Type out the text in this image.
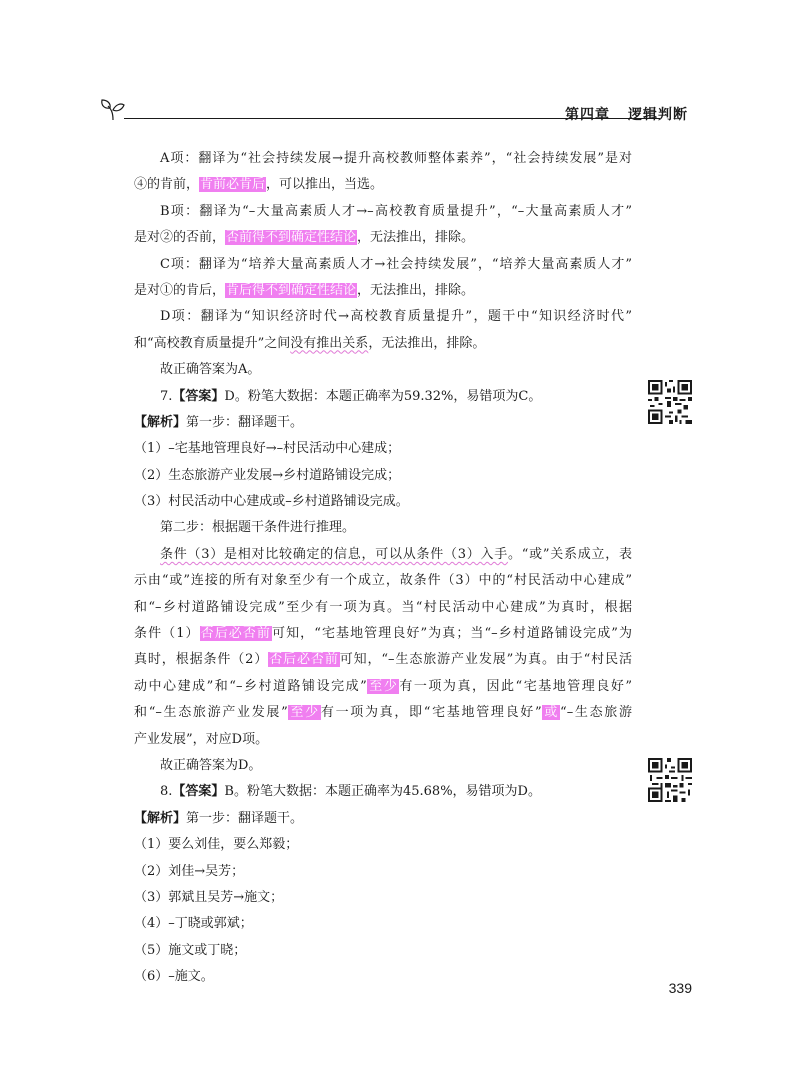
第四章 逻辑判断
A项：翻译为“社会持续发展→提升高校教师整体素养”，“社会持续发展”是对
④的肯前，肯前必肯后，可以推出，当选。
B项：翻译为“–大量高素质人才→–高校教育质量提升”，“–大量高素质人才”
是对②的否前，否前得不到确定性结论，无法推出，排除。
C项：翻译为“培养大量高素质人才→社会持续发展”，“培养大量高素质人才”
是对①的肯后，肯后得不到确定性结论，无法推出，排除。
D项：翻译为“知识经济时代→高校教育质量提升”，题干中“知识经济时代”
和“高校教育质量提升”之间没有推出关系，无法推出，排除。
故正确答案为A。
7.【答案】D。粉笔大数据：本题正确率为59.32%，易错项为C。
【解析】第一步：翻译题干。
（1）–宅基地管理良好→–村民活动中心建成；
（2）生态旅游产业发展→乡村道路铺设完成；
（3）村民活动中心建成或–乡村道路铺设完成。
第二步：根据题干条件进行推理。
条件（3）是相对比较确定的信息，可以从条件（3）入手。“或”关系成立，表
示由“或”连接的所有对象至少有一个成立，故条件（3）中的“村民活动中心建成”
和“–乡村道路铺设完成”至少有一项为真。当“村民活动中心建成”为真时，根据
条件（1）否后必否前可知，“宅基地管理良好”为真；当“–乡村道路铺设完成”为
真时，根据条件（2）否后必否前可知，“–生态旅游产业发展”为真。由于“村民活
动中心建成”和“–乡村道路铺设完成”至少有一项为真，因此“宅基地管理良好”
和“–生态旅游产业发展”至少有一项为真，即“宅基地管理良好”或“–生态旅游
产业发展”，对应D项。
故正确答案为D。
8.【答案】B。粉笔大数据：本题正确率为45.68%，易错项为D。
【解析】第一步：翻译题干。
（1）要么刘佳，要么郑毅；
（2）刘佳→吴芳；
（3）郭斌且吴芳→施文；
（4）–丁晓或郭斌；
（5）施文或丁晓；
（6）–施文。
339
